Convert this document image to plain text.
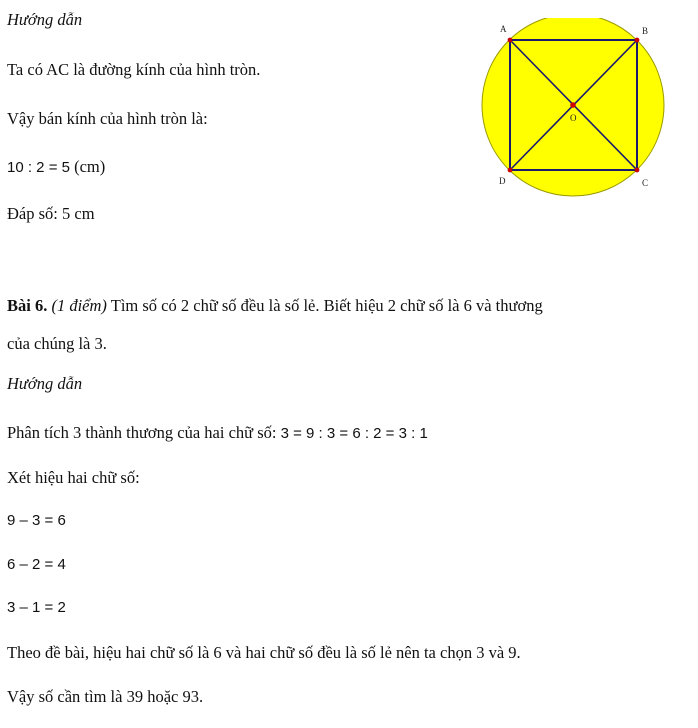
Hướng dẫn
Ta có AC là đường kính của hình tròn.
Vậy bán kính của hình tròn là:
10 : 2 = 5 (cm)
Đáp số: 5 cm
A	B
C
D
O
Bài 6. (1 điểm) Tìm số có 2 chữ số đều là số lẻ. Biết hiệu 2 chữ số là 6 và thương
của chúng là 3.
Hướng dẫn
Phân tích 3 thành thương của hai chữ số: 3 = 9 : 3 = 6 : 2 = 3 : 1
Xét hiệu hai chữ số:
9 – 3 = 6
6 – 2 = 4
3 – 1 = 2
Theo đề bài, hiệu hai chữ số là 6 và hai chữ số đều là số lẻ nên ta chọn 3 và 9.
Vậy số cần tìm là 39 hoặc 93.
